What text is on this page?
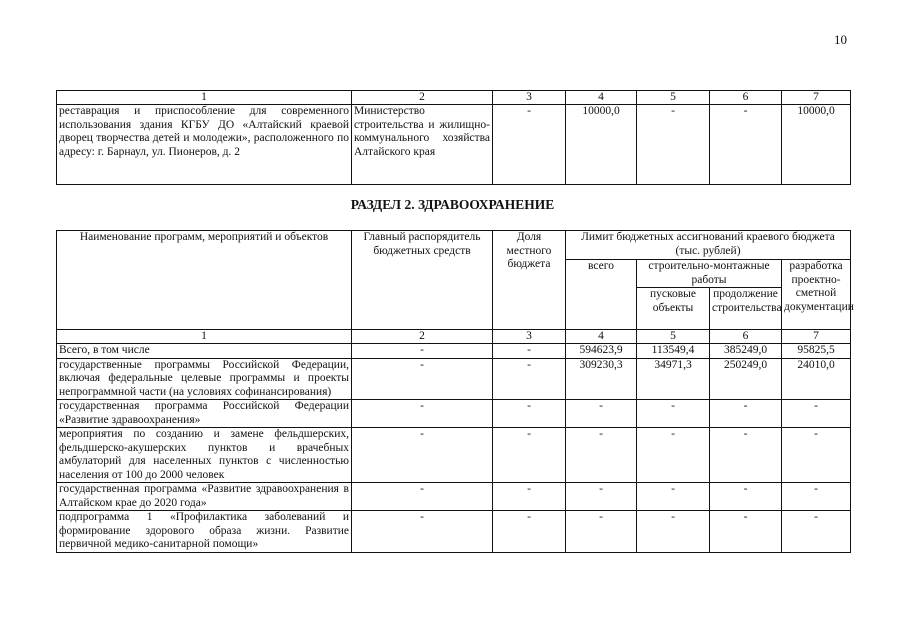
10
1	2	3	4	5	6	7
реставрация и приспособление для современного использования здания КГБУ ДО «Алтайский краевой дворец творчества детей и молодежи», расположенного по адресу: г. Барнаул, ул. Пионеров, д. 2	Министерство строительства и жилищно-коммунального хозяйства Алтайского края	-	10000,0	-	-	10000,0
РАЗДЕЛ 2. ЗДРАВООХРАНЕНИЕ
Наименование программ, мероприятий и объектов	Главный распорядитель бюджетных средств	Доля местного бюджета	Лимит бюджетных ассигнований краевого бюджета (тыс. рублей)			
			всего	строительно-монтажные работы		разработка проектно-сметной документации
				пусковые объекты	продолжение строительства	
1	2	3	4	5	6	7
Всего, в том числе	-	-	594623,9	113549,4	385249,0	95825,5
государственные программы Российской Федерации, включая федеральные целевые программы и проекты непрограммной части (на условиях софинансирования)	-	-	309230,3	34971,3	250249,0	24010,0
государственная программа Российской Федерации «Развитие здравоохранения»	-	-	-	-	-	-
мероприятия по созданию и замене фельдшерских, фельдшерско-акушерских пунктов и врачебных амбулаторий для населенных пунктов с численностью населения от 100 до 2000 человек	-	-	-	-	-	-
государственная программа «Развитие здравоохранения в Алтайском крае до 2020 года»	-	-	-	-	-	-
подпрограмма 1 «Профилактика заболеваний и формирование здорового образа жизни. Развитие первичной медико-санитарной помощи»	-	-	-	-	-	-
